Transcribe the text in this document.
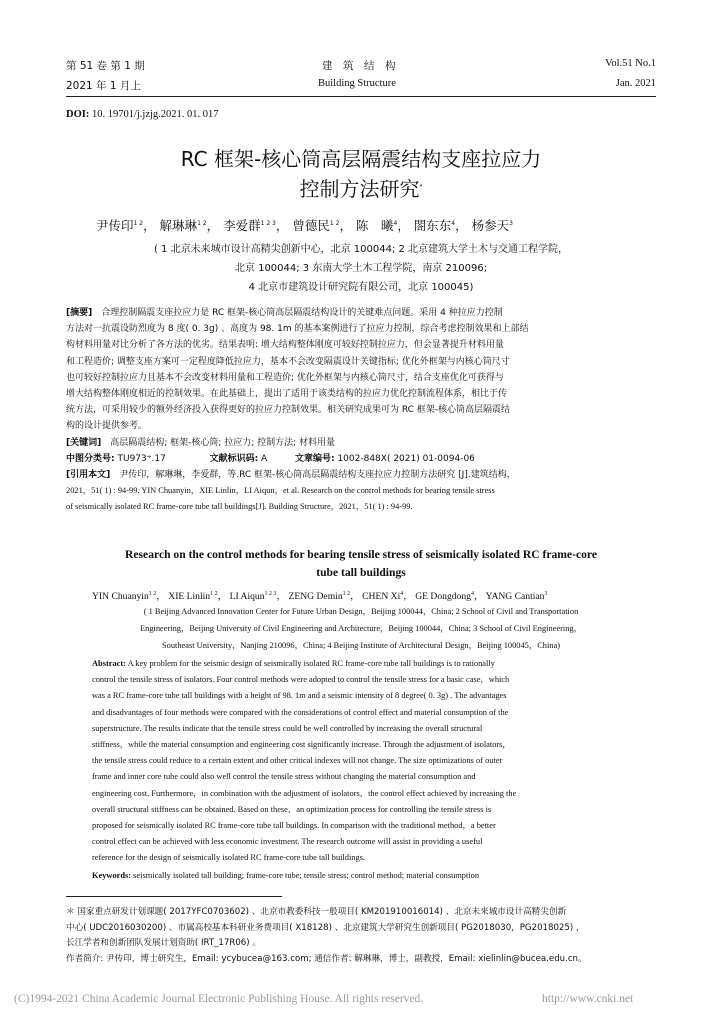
第 51 卷 第 1 期
2021 年 1 月上
建　筑　结　构
Building Structure
Vol.51 No.1
Jan. 2021
DOI: 10. 19701/j.jzjg.2021. 01. 017
RC 框架-核心筒高层隔震结构支座拉应力
控制方法研究*
尹传印$^{1 2}$， 解琳琳$^{1 2}$， 李爱群$^{1 2 3}$， 曾德民$^{1 2}$， 陈　曦$^4$， 閤东东$^4$， 杨参天$^3$
( 1 北京未来城市设计高精尖创新中心，北京 100044; 2 北京建筑大学土木与交通工程学院，
北京 100044; 3 东南大学土木工程学院，南京 210096;
4 北京市建筑设计研究院有限公司，北京 100045)
[摘要]　合理控制隔震支座拉应力是 RC 框架-核心筒高层隔震结构设计的关键难点问题。采用 4 种拉应力控制
方法对一抗震设防烈度为 8 度( 0. 3g) 、高度为 98. 1m 的基本案例进行了拉应力控制，综合考虑控制效果和上部结
构材料用量对比分析了各方法的优劣。结果表明: 增大结构整体刚度可较好控制拉应力，但会显著提升材料用量
和工程造价; 调整支座方案可一定程度降低拉应力，基本不会改变隔震设计关键指标; 优化外框架与内核心筒尺寸
也可较好控制拉应力且基本不会改变材料用量和工程造价; 优化外框架与内核心筒尺寸，结合支座优化可获得与
增大结构整体刚度相近的控制效果。在此基础上，提出了适用于该类结构的拉应力优化控制流程体系，相比于传
统方法，可采用较少的额外经济投入获得更好的拉应力控制效果。相关研究成果可为 RC 框架-核心筒高层隔震结
构的设计提供参考。
[关键词]　高层隔震结构; 框架-核心筒; 拉应力; 控制方法; 材料用量
中图分类号: TU973⁺.17	文献标识码: A	文章编号: 1002-848X( 2021) 01-0094-06
[引用本文]　尹传印，解琳琳，李爱群，等.RC 框架-核心筒高层隔震结构支座拉应力控制方法研究 [J].建筑结构，
2021，51( 1) : 94-99. YIN Chuanyin，XIE Linlin，LI Aiqun，et al. Research on the control methods for bearing tensile stress
of seismically isolated RC frame-core tube tall buildings[J]. Building Structure，2021，51( 1) : 94-99.
Research on the control methods for bearing tensile stress of seismically isolated RC frame-core
tube tall buildings
YIN Chuanyin$^{1 2}$， XIE Linlin$^{1 2}$， LI Aiqun$^{1 2 3}$， ZENG Demin$^{1 2}$， CHEN Xi$^4$， GE Dongdong$^4$， YANG Cantian$^3$
( 1 Beijing Advanced Innovation Center for Future Urban Design，Beijing 100044，China; 2 School of Civil and Transportation
Engineering，Beijing University of Civil Engineering and Architecture，Beijing 100044，China; 3 School of Civil Engineering，
Southeast University，Nanjing 210096，China; 4 Beijing Institute of Architectural Design，Beijing 100045，China)
Abstract: A key problem for the seismic design of seismically isolated RC frame-core tube tall buildings is to rationally
control the tensile stress of isolators. Four control methods were adopted to control the tensile stress for a basic case，which
was a RC frame-core tube tall buildings with a height of 98. 1m and a seismic intensity of 8 degree( 0. 3g) . The advantages
and disadvantages of four methods were compared with the considerations of control effect and material consumption of the
superstructure. The results indicate that the tensile stress could be well controlled by increasing the overall structural
stiffness，while the material consumption and engineering cost significantly increase. Through the adjustment of isolators，
the tensile stress could reduce to a certain extent and other critical indexes will not change. The size optimizations of outer
frame and inner core tube could also well control the tensile stress without changing the material consumption and
engineering cost. Furthermore，in combination with the adjustment of isolators，the control effect achieved by increasing the
overall structural stiffness can be obtained. Based on these，an optimization process for controlling the tensile stress is
proposed for seismically isolated RC frame-core tube tall buildings. In comparison with the traditional method，a better
control effect can be achieved with less economic investment. The research outcome will assist in providing a useful
reference for the design of seismically isolated RC frame-core tube tall buildings.
Keywords: seismically isolated tall building; frame-core tube; tensile stress; control method; material consumption
＊ 国家重点研发计划课题( 2017YFC0703602) 、北京市教委科技一般项目( KM201910016014) 、北京未来城市设计高精尖创新
中心( UDC2016030200) 、市属高校基本科研业务费项目( X18128) 、北京建筑大学研究生创新项目( PG2018030，PG2018025) ，
长江学者和创新团队发展计划资助( IRT_17R06) 。
作者简介: 尹传印，博士研究生，Email: ycybucea@163.com; 通信作者: 解琳琳，博士，副教授，Email: xielinlin@bucea.edu.cn。
(C)1994-2021 China Academic Journal Electronic Publishing House. All rights reserved.	http://www.cnki.net
